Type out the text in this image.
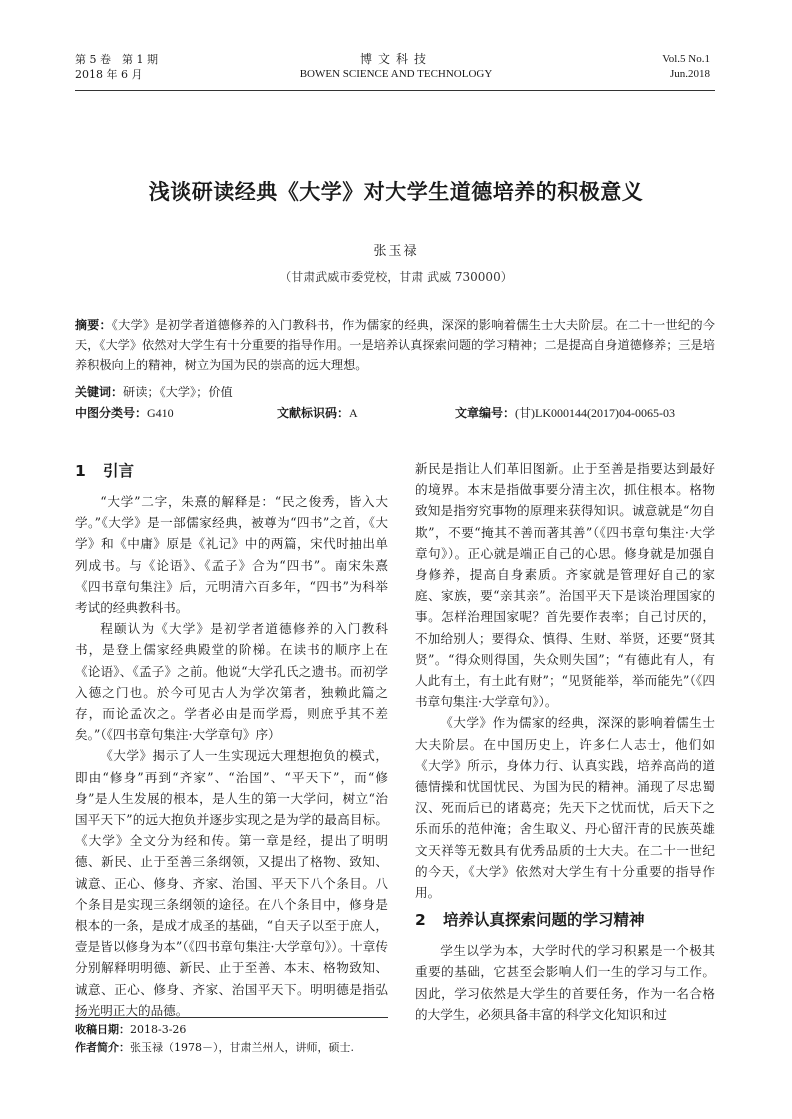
第 5 卷　第 1 期
2018 年 6 月
博文科技
BOWEN SCIENCE AND TECHNOLOGY
Vol.5 No.1
Jun.2018
浅谈研读经典《大学》对大学生道德培养的积极意义
张玉禄
（甘肃武威市委党校，甘肃 武威 730000）
摘要：《大学》是初学者道德修养的入门教科书，作为儒家的经典，深深的影响着儒生士大夫阶层。在二十一世纪的今天，《大学》依然对大学生有十分重要的指导作用。一是培养认真探索问题的学习精神；二是提高自身道德修养；三是培养积极向上的精神，树立为国为民的崇高的远大理想。
关键词：研读；《大学》；价值
中图分类号：G410	文献标识码：A	文章编号：(甘)LK000144(2017)04-0065-03
1 引言

“大学”二字，朱熹的解释是：“民之俊秀，皆入大学。”《大学》是一部儒家经典，被尊为“四书”之首，《大学》和《中庸》原是《礼记》中的两篇，宋代时抽出单列成书。与《论语》、《孟子》合为“四书”。南宋朱熹《四书章句集注》后，元明清六百多年，“四书”为科举考试的经典教科书。

程颐认为《大学》是初学者道德修养的入门教科书，是登上儒家经典殿堂的阶梯。在读书的顺序上在《论语》、《孟子》之前。他说“大学孔氏之遗书。而初学入德之门也。於今可见古人为学次第者，独赖此篇之存，而论孟次之。学者必由是而学焉，则庶乎其不差矣。”（《四书章句集注·大学章句》序）

《大学》揭示了人一生实现远大理想抱负的模式，即由“修身”再到“齐家”、“治国”、“平天下”，而“修身”是人生发展的根本，是人生的第一大学问，树立“治国平天下”的远大抱负并逐步实现之是为学的最高目标。《大学》全文分为经和传。第一章是经，提出了明明德、新民、止于至善三条纲领，又提出了格物、致知、诚意、正心、修身、齐家、治国、平天下八个条目。八个条目是实现三条纲领的途径。在八个条目中，修身是根本的一条，是成才成圣的基础，“自天子以至于庶人，壹是皆以修身为本”（《四书章句集注·大学章句》）。十章传分别解释明明德、新民、止于至善、本末、格物致知、诚意、正心、修身、齐家、治国平天下。明明德是指弘扬光明正大的品德。

新民是指让人们革旧图新。止于至善是指要达到最好的境界。本末是指做事要分清主次，抓住根本。格物致知是指穷究事物的原理来获得知识。诚意就是“勿自欺”，不要“掩其不善而著其善”（《四书章句集注·大学章句》）。正心就是端正自己的心思。修身就是加强自身修养，提高自身素质。齐家就是管理好自己的家庭、家族，要“亲其亲”。治国平天下是谈治理国家的事。怎样治理国家呢？首先要作表率；自己讨厌的，不加给别人；要得众、慎得、生财、举贤，还要“贤其贤”。“得众则得国，失众则失国”；“有德此有人，有人此有土，有土此有财”；“见贤能举，举而能先”（《四书章句集注·大学章句》）。

《大学》作为儒家的经典，深深的影响着儒生士大夫阶层。在中国历史上，许多仁人志士，他们如《大学》所示，身体力行、认真实践，培养高尚的道德情操和忧国忧民、为国为民的精神。涌现了尽忠蜀汉、死而后已的诸葛亮；先天下之忧而忧，后天下之乐而乐的范仲淹；舍生取义、丹心留汗青的民族英雄文天祥等无数具有优秀品质的士大夫。在二十一世纪的今天，《大学》依然对大学生有十分重要的指导作用。

2 培养认真探索问题的学习精神

学生以学为本，大学时代的学习积累是一个极其重要的基础，它甚至会影响人们一生的学习与工作。因此，学习依然是大学生的首要任务，作为一名合格的大学生，必须具备丰富的科学文化知识和过

收稿日期：2018-3-26
作者简介：张玉禄（1978－），甘肃兰州人，讲师，硕士.
